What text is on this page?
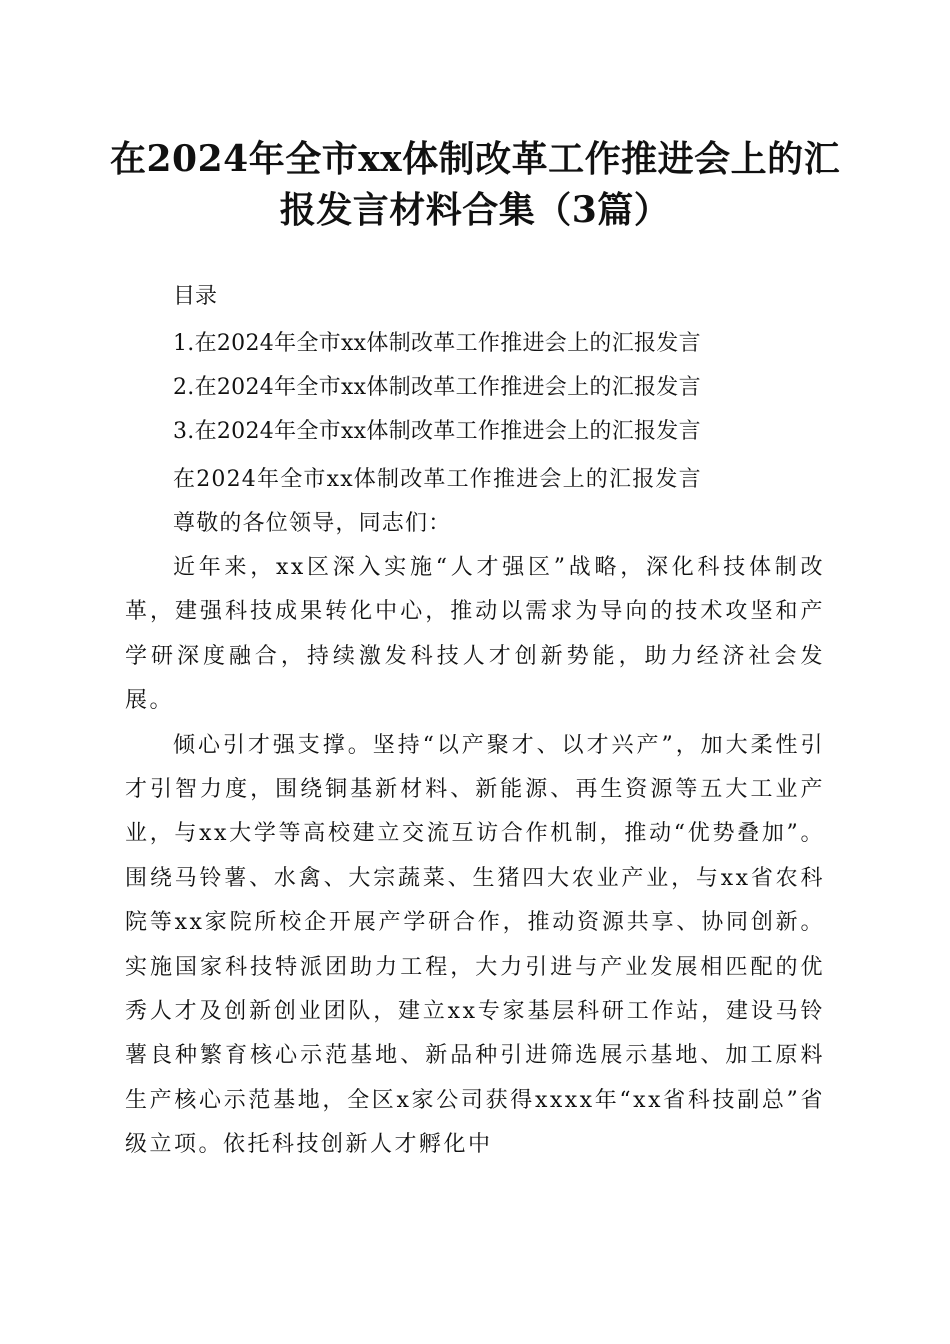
在2024年全市xx体制改革工作推进会上的汇
报发言材料合集（3篇）

目录

1.在2024年全市xx体制改革工作推进会上的汇报发言
2.在2024年全市xx体制改革工作推进会上的汇报发言
3.在2024年全市xx体制改革工作推进会上的汇报发言

在2024年全市xx体制改革工作推进会上的汇报发言

尊敬的各位领导，同志们：

近年来，xx区深入实施“人才强区”战略，深化科技体制改革，建强科技成果转化中心，推动以需求为导向的技术攻坚和产学研深度融合，持续激发科技人才创新势能，助力经济社会发展。

倾心引才强支撑。坚持“以产聚才、以才兴产”，加大柔性引才引智力度，围绕铜基新材料、新能源、再生资源等五大工业产业，与xx大学等高校建立交流互访合作机制，推动“优势叠加”。围绕马铃薯、水禽、大宗蔬菜、生猪四大农业产业，与xx省农科院等xx家院所校企开展产学研合作，推动资源共享、协同创新。实施国家科技特派团助力工程，大力引进与产业发展相匹配的优秀人才及创新创业团队，建立xx专家基层科研工作站，建设马铃薯良种繁育核心示范基地、新品种引进筛选展示基地、加工原料生产核心示范基地，全区x家公司获得xxxx年“xx省科技副总”省级立项。依托科技创新人才孵化中
